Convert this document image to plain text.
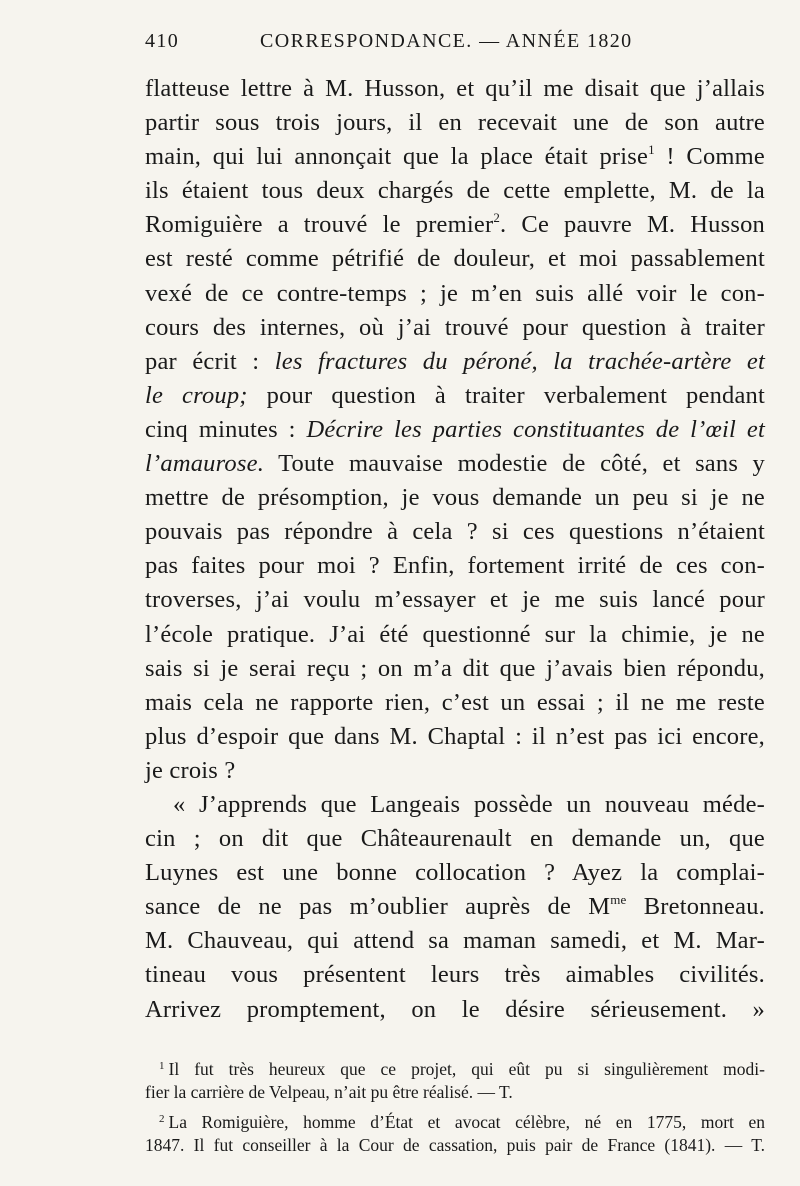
410	CORRESPONDANCE. — ANNÉE 1820
flatteuse lettre à M. Husson, et qu’il me disait que j’allais
partir sous trois jours, il en recevait une de son autre
main, qui lui annonçait que la place était prise$^1$ ! Comme
ils étaient tous deux chargés de cette emplette, M. de la
Romiguière a trouvé le premier$^2$. Ce pauvre M. Husson
est resté comme pétrifié de douleur, et moi passablement
vexé de ce contre-temps ; je m’en suis allé voir le con-
cours des internes, où j’ai trouvé pour question à traiter
par écrit : les fractures du péroné, la trachée-artère et
le croup; pour question à traiter verbalement pendant
cinq minutes : Décrire les parties constituantes de l’œil et
l’amaurose. Toute mauvaise modestie de côté, et sans y
mettre de présomption, je vous demande un peu si je ne
pouvais pas répondre à cela ? si ces questions n’étaient
pas faites pour moi ? Enfin, fortement irrité de ces con-
troverses, j’ai voulu m’essayer et je me suis lancé pour
l’école pratique. J’ai été questionné sur la chimie, je ne
sais si je serai reçu ; on m’a dit que j’avais bien répondu,
mais cela ne rapporte rien, c’est un essai ; il ne me reste
plus d’espoir que dans M. Chaptal : il n’est pas ici encore,
je crois ?
« J’apprends que Langeais possède un nouveau méde-
cin ; on dit que Châteaurenault en demande un, que
Luynes est une bonne collocation ? Ayez la complai-
sance de ne pas m’oublier auprès de M$^{me}$ Bretonneau.
M. Chauveau, qui attend sa maman samedi, et M. Mar-
tineau vous présentent leurs très aimables civilités.
Arrivez promptement, on le désire sérieusement. »
$^1$ Il fut très heureux que ce projet, qui eût pu si singulièrement modi-
fier la carrière de Velpeau, n’ait pu être réalisé. — T.
$^2$ La Romiguière, homme d’État et avocat célèbre, né en 1775, mort en
1847. Il fut conseiller à la Cour de cassation, puis pair de France (1841). — T.
